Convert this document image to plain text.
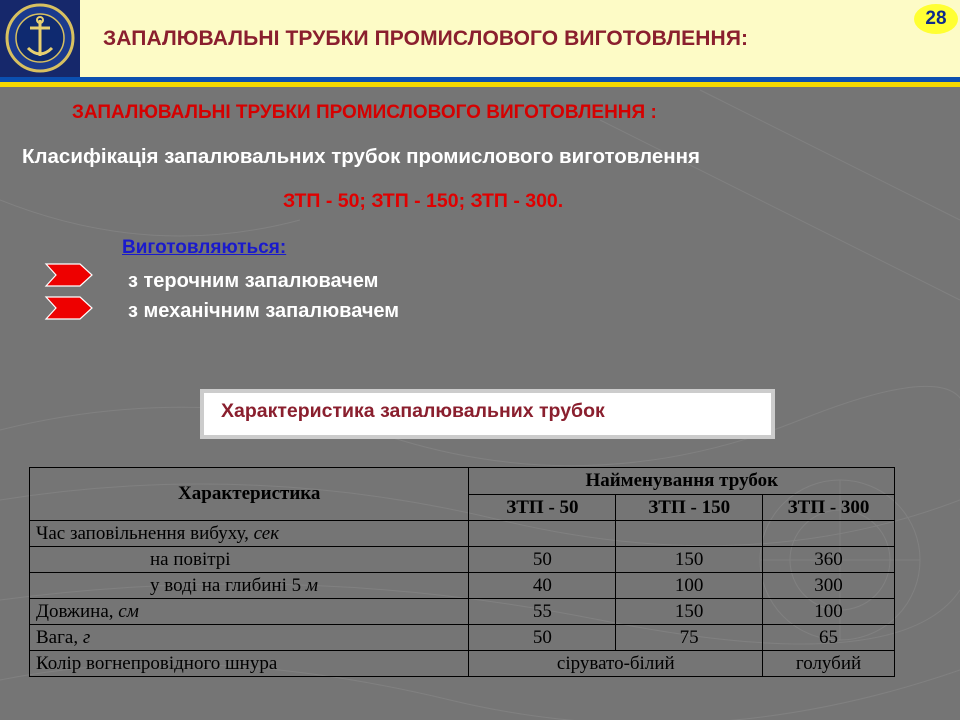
ЗАПАЛЮВАЛЬНІ ТРУБКИ ПРОМИСЛОВОГО ВИГОТОВЛЕННЯ:
28
ЗАПАЛЮВАЛЬНІ ТРУБКИ ПРОМИСЛОВОГО ВИГОТОВЛЕННЯ :
Класифікація запалювальних трубок промислового виготовлення
ЗТП - 50; ЗТП - 150; ЗТП - 300.
Виготовляються:
з терочним запалювачем
з механічним запалювачем
Характеристика запалювальних трубок
Характеристика	Найменування трубок		
	ЗТП - 50	ЗТП - 150	ЗТП - 300
Час заповільнення вибуху, сек			
на повітрі	50	150	360
у воді на глибині 5 м	40	100	300
Довжина, см	55	150	100
Вага, г	50	75	65
Колір вогнепровідного шнура	сірувато-білий		голубий
